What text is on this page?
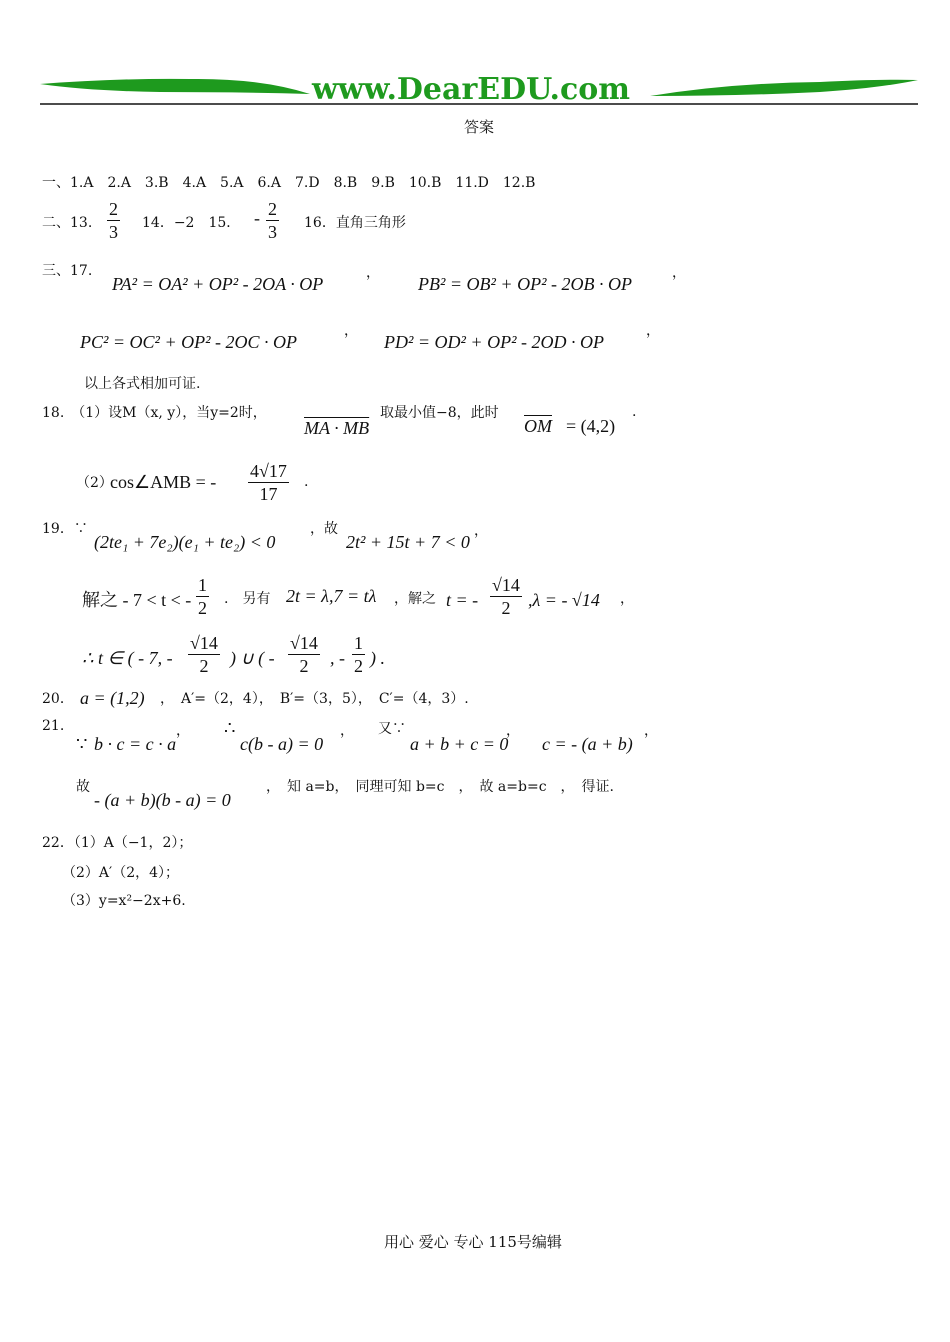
www.DearEDU.com
答案
一、1.A　2.A　3.B　4.A　5.A　6.A　7.D　8.B　9.B　10.B　11.D　12.B
二、13. $\frac{2}{3} 14$．−2　15． - $\frac{2}{3} 16$．直角三角形
三、17.
PA² = OA² + OP² - 2OA · OP
，
PB² = OB² + OP² - 2OB · OP
，
PC² = OC² + OP² - 2OC · OP
，
PD² = OD² + OP² - 2OD · OP
，
以上各式相加可证.
18.　（1）设M（x, y），当y=2时，
MA · MB
取最小值−8，此时
$\overline{OM} = (4,2)$
.
（2）
cos∠AMB = - $\frac{4√17}{17}$ .
19．∵
(2te₁ + 7e₂)(e₁ + te₂) < 0
，故
2t² + 15t + 7 < 0
，
解之 - 7 < t < - $\frac{1}{2}$ .　另有 2t = λ,7 = tλ ，解之 t = - $\frac{√14}{2} ,\lambda$ = - √14 ，
∴ t ∈ ( - 7, - $\frac{√14}{2}$ ) ∪ ( - $\frac{√14}{2}$ , - $\frac{1}{2}$ ) .
20． a = (1,2) ，　A′=（2，4），　B′=（3，5），　C′=（4，3）.
21.
∵ b · c = c · a
， ∴
c(b - a) = 0
， 又∵
a + b + c = 0
，
c = - (a + b)
，
故
- (a + b)(b - a) = 0
，　知 a=b，　同理可知 b=c　，　故 a=b=c　，　得证.
22．（1）A（−1，2）；
（2）A′（2，4）；
（3）y=x²−2x+6.
用心 爱心 专心 115号编辑
